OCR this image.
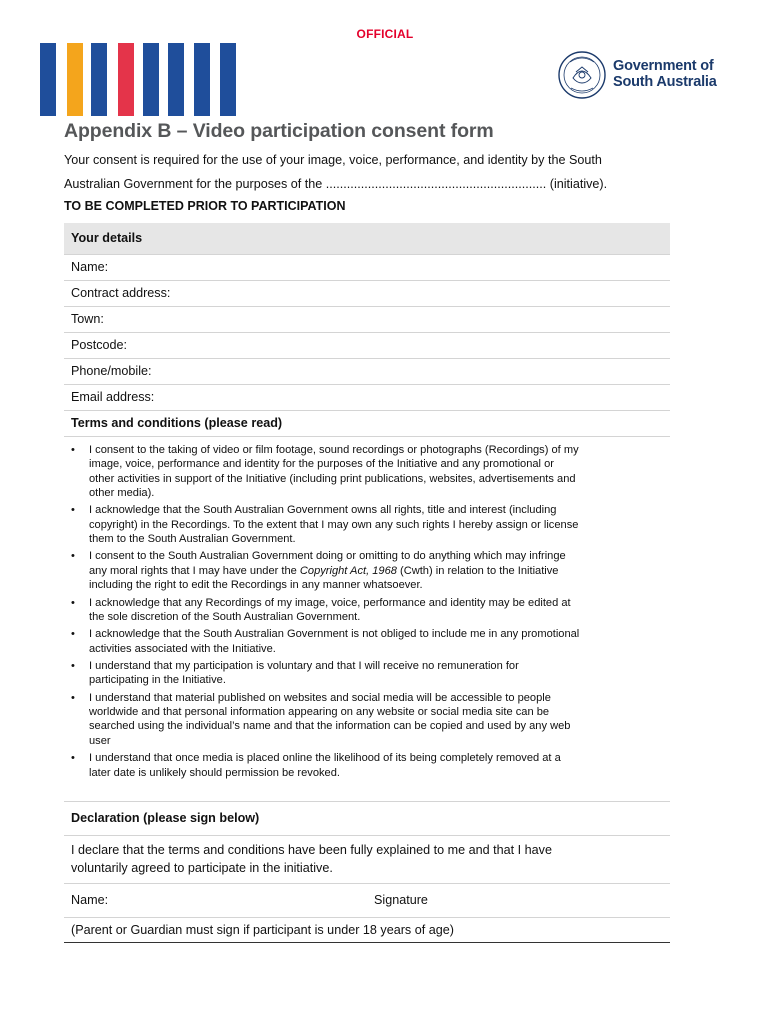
OFFICIAL
Government of
South Australia
Appendix B – Video participation consent form
Your consent is required for the use of your image, voice, performance, and identity by the South
Australian Government for the purposes of the ............................................................... (initiative).
TO BE COMPLETED PRIOR TO PARTICIPATION
Your details
Name:
Contract address:
Town:
Postcode:
Phone/mobile:
Email address:
Terms and conditions (please read)
• I consent to the taking of video or film footage, sound recordings or photographs (Recordings) of my
image, voice, performance and identity for the purposes of the Initiative and any promotional or
other activities in support of the Initiative (including print publications, websites, advertisements and
other media).
• I acknowledge that the South Australian Government owns all rights, title and interest (including
copyright) in the Recordings. To the extent that I may own any such rights I hereby assign or license
them to the South Australian Government.
• I consent to the South Australian Government doing or omitting to do anything which may infringe
any moral rights that I may have under the Copyright Act, 1968 (Cwth) in relation to the Initiative
including the right to edit the Recordings in any manner whatsoever.
• I acknowledge that any Recordings of my image, voice, performance and identity may be edited at
the sole discretion of the South Australian Government.
• I acknowledge that the South Australian Government is not obliged to include me in any promotional
activities associated with the Initiative.
• I understand that my participation is voluntary and that I will receive no remuneration for
participating in the Initiative.
• I understand that material published on websites and social media will be accessible to people
worldwide and that personal information appearing on any website or social media site can be
searched using the individual’s name and that the information can be copied and used by any web
user
• I understand that once media is placed online the likelihood of its being completely removed at a
later date is unlikely should permission be revoked.
Declaration (please sign below)
I declare that the terms and conditions have been fully explained to me and that I have
voluntarily agreed to participate in the initiative.
Name:	Signature
(Parent or Guardian must sign if participant is under 18 years of age)
